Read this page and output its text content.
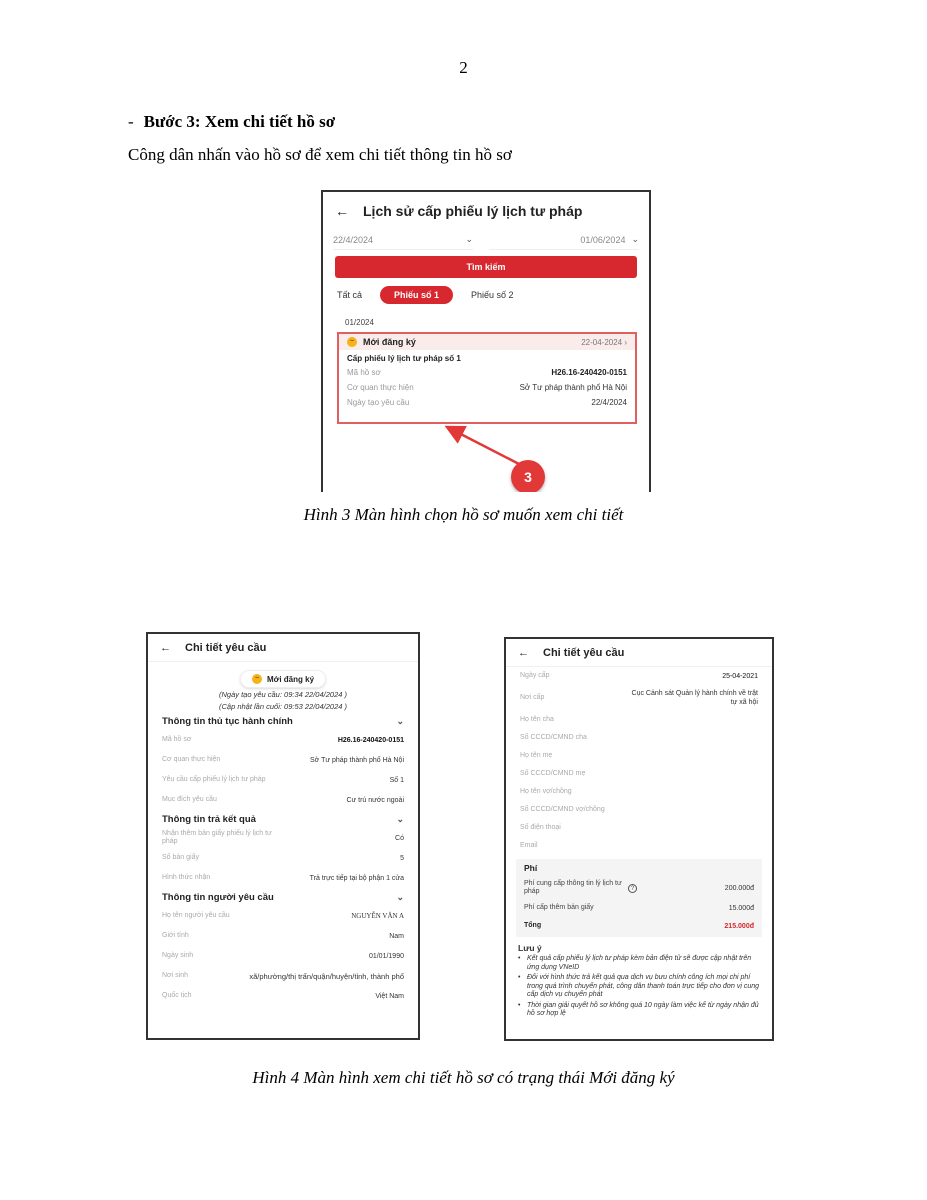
2
- Bước 3: Xem chi tiết hồ sơ
Công dân nhấn vào hồ sơ để xem chi tiết thông tin hồ sơ
← Lịch sử cấp phiếu lý lịch tư pháp
22/4/2024	⌄	01/06/2024 ⌄
Tìm kiếm
Tất cả	Phiếu số 1	Phiếu số 2
01/2024
~ Mới đăng ký	22-04-2024 ›
Cấp phiếu lý lịch tư pháp số 1
Mã hồ sơ	H26.16-240420-0151
Cơ quan thực hiện	Sở Tư pháp thành phố Hà Nội
Ngày tạo yêu cầu	22/4/2024
3
Hình 3 Màn hình chọn hồ sơ muốn xem chi tiết
← Chi tiết yêu cầu
~ Mới đăng ký
(Ngày tạo yêu cầu: 09:34 22/04/2024 )
(Cập nhật lần cuối: 09:53 22/04/2024 )
Thông tin thủ tục hành chính	⌄
Mã hồ sơ	H26.16-240420-0151
Cơ quan thực hiện	Sở Tư pháp thành phố Hà Nội
Yêu cầu cấp phiếu lý lịch tư pháp	Số 1
Mục đích yêu cầu	Cư trú nước ngoài
Thông tin trả kết quả	⌄
Nhận thêm bản giấy phiếu lý lịch tư pháp	Có
Số bản giấy	5
Hình thức nhận	Trả trực tiếp tại bộ phận 1 cửa
Thông tin người yêu cầu	⌄
Họ tên người yêu cầu	NGUYỄN VĂN A
Giới tính	Nam
Ngày sinh	01/01/1990
Nơi sinh	xã/phường/thị trấn/quận/huyện/tỉnh, thành phố
Quốc tịch	Việt Nam
← Chi tiết yêu cầu
Ngày cấp	25-04-2021
Nơi cấp
Cục Cảnh sát Quản lý hành chính về trật tự xã hội
Họ tên cha
Số CCCD/CMND cha
Họ tên mẹ
Số CCCD/CMND mẹ
Họ tên vợ/chồng
Số CCCD/CMND vợ/chồng
Số điện thoại
Email
Phí
Phí cung cấp thông tin lý lịch tư pháp	?	200.000đ
Phí cấp thêm bản giấy	15.000đ
Tổng	215.000đ
Lưu ý
• Kết quả cấp phiếu lý lịch tư pháp kèm bản điện tử sẽ được cập nhật trên ứng dụng VNeID
• Đối với hình thức trả kết quả qua dịch vụ bưu chính công ích mọi chi phí trong quá trình chuyển phát, công dân thanh toán trực tiếp cho đơn vị cung cấp dịch vụ chuyển phát
• Thời gian giải quyết hồ sơ không quá 10 ngày làm việc kể từ ngày nhận đủ hồ sơ hợp lệ
Hình 4 Màn hình xem chi tiết hồ sơ có trạng thái Mới đăng ký
